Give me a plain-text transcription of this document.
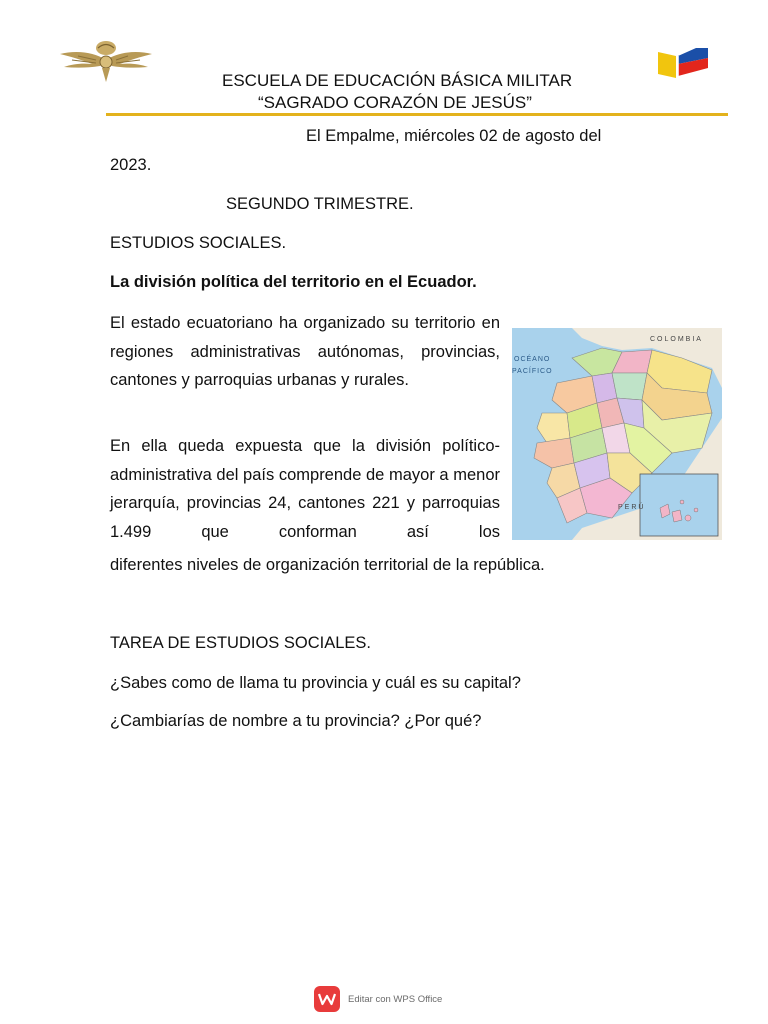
ESCUELA DE EDUCACIÓN BÁSICA MILITAR
“SAGRADO CORAZÓN DE JESÚS”
El Empalme, miércoles 02 de agosto del
2023.
SEGUNDO TRIMESTRE.
ESTUDIOS SOCIALES.
La división política del territorio en el Ecuador.

El estado ecuatoriano ha organizado su territorio en regiones administrativas autónomas, provincias, cantones y parroquias urbanas y rurales.

En ella queda expuesta que la división político-administrativa del país comprende de mayor a menor jerarquía, provincias 24, cantones 221 y parroquias 1.499 que conforman así los

diferentes niveles de organización territorial de la república.
COLOMBIA
OCÉANO
PACÍFICO
PERÚ
TAREA DE ESTUDIOS SOCIALES.
¿Sabes como de llama tu provincia y cuál es su capital?
¿Cambiarías de nombre a tu provincia? ¿Por qué?
Editar con WPS Office
